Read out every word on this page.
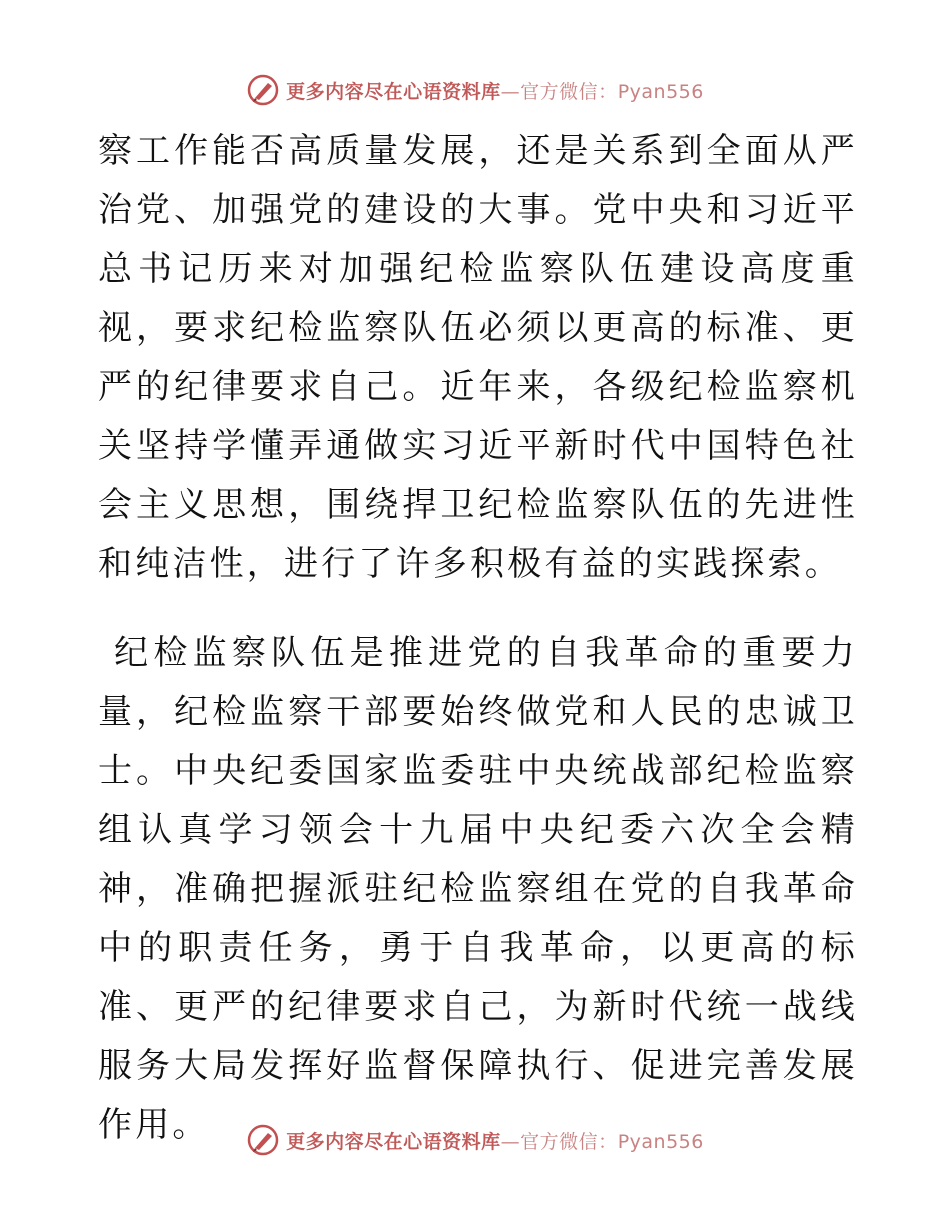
更多内容尽在心语资料库—官方微信：Pyan556

察工作能否高质量发展，还是关系到全面从严治党、加强党的建设的大事。党中央和习近平总书记历来对加强纪检监察队伍建设高度重视，要求纪检监察队伍必须以更高的标准、更严的纪律要求自己。近年来，各级纪检监察机关坚持学懂弄通做实习近平新时代中国特色社会主义思想，围绕捍卫纪检监察队伍的先进性和纯洁性，进行了许多积极有益的实践探索。

纪检监察队伍是推进党的自我革命的重要力量，纪检监察干部要始终做党和人民的忠诚卫士。中央纪委国家监委驻中央统战部纪检监察组认真学习领会十九届中央纪委六次全会精神，准确把握派驻纪检监察组在党的自我革命中的职责任务，勇于自我革命，以更高的标准、更严的纪律要求自己，为新时代统一战线服务大局发挥好监督保障执行、促进完善发展作用。	更多内容尽在心语资料库—官方微信：Pyan556
